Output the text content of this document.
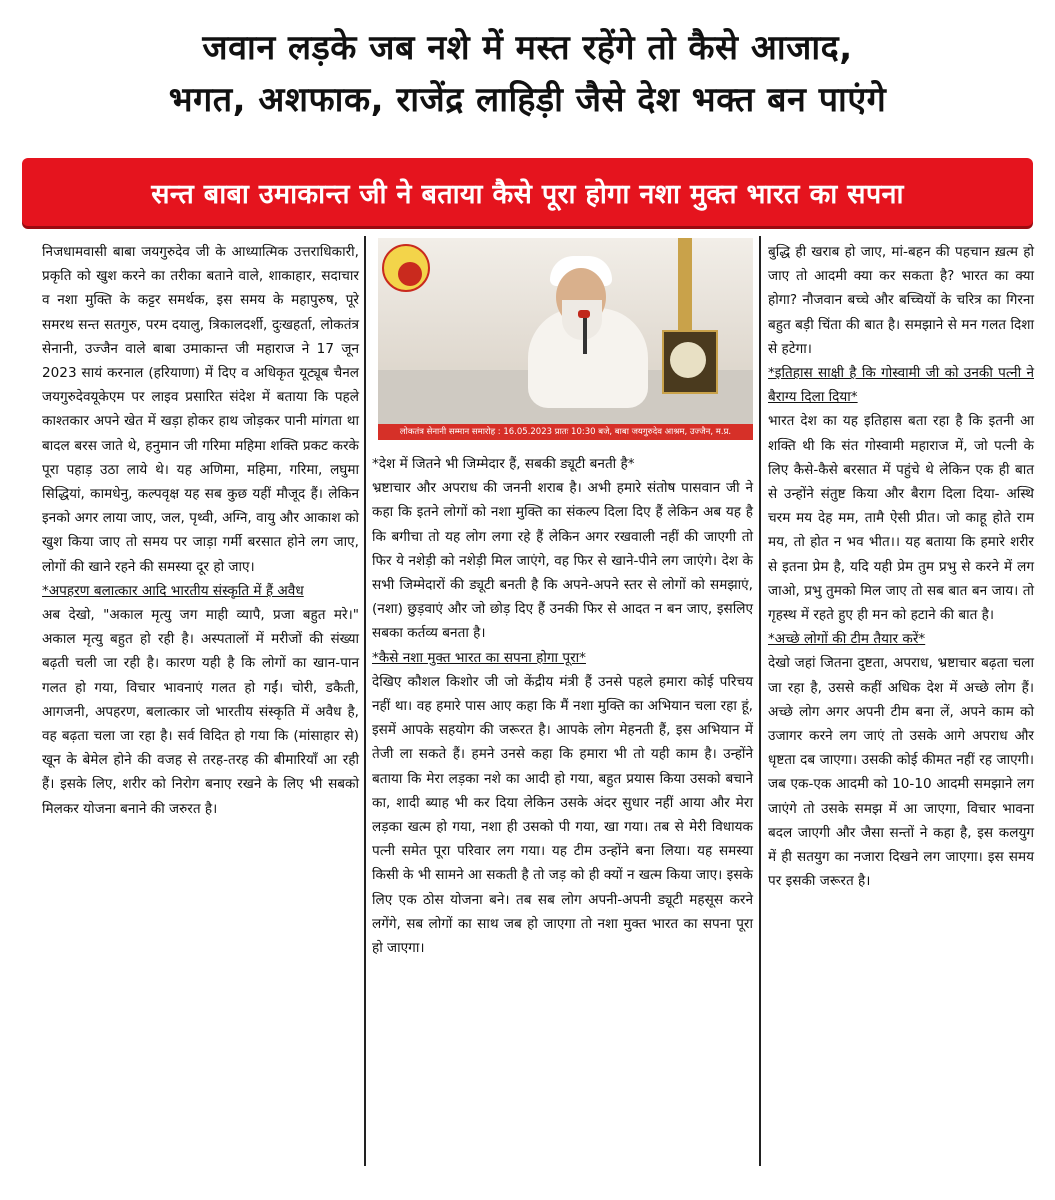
जवान लड़के जब नशे में मस्त रहेंगे तो कैसे आजाद,
भगत, अशफाक, राजेंद्र लाहिड़ी जैसे देश भक्त बन पाएंगे
सन्त बाबा उमाकान्त जी ने बताया कैसे पूरा होगा नशा मुक्त भारत का सपना

निजधामवासी बाबा जयगुरुदेव जी के आध्यात्मिक उत्तराधिकारी, प्रकृति को खुश करने का तरीका बताने वाले, शाकाहार, सदाचार व नशा मुक्ति के कट्टर समर्थक, इस समय के महापुरुष, पूरे समरथ सन्त सतगुरु, परम दयालु, त्रिकालदर्शी, दुःखहर्ता, लोकतंत्र सेनानी, उज्जैन वाले बाबा उमाकान्त जी महाराज ने 17 जून 2023 सायं करनाल (हरियाणा) में दिए व अधिकृत यूट्यूब चैनल जयगुरुदेवयूकेएम पर लाइव प्रसारित संदेश में बताया कि पहले काश्तकार अपने खेत में खड़ा होकर हाथ जोड़कर पानी मांगता था बादल बरस जाते थे, हनुमान जी गरिमा महिमा शक्ति प्रकट करके पूरा पहाड़ उठा लाये थे। यह अणिमा, महिमा, गरिमा, लघुमा सिद्धियां, कामधेनु, कल्पवृक्ष यह सब कुछ यहीं मौजूद हैं। लेकिन इनको अगर लाया जाए, जल, पृथ्वी, अग्नि, वायु और आकाश को खुश किया जाए तो समय पर जाड़ा गर्मी बरसात होने लग जाए, लोगों की खाने रहने की समस्या दूर हो जाए।

*अपहरण बलात्कार आदि भारतीय संस्कृति में हैं अवैध

अब देखो, "अकाल मृत्यु जग माही व्यापै, प्रजा बहुत मरे।" अकाल मृत्यु बहुत हो रही है। अस्पतालों में मरीजों की संख्या बढ़ती चली जा रही है। कारण यही है कि लोगों का खान-पान गलत हो गया, विचार भावनाएं गलत हो गईं। चोरी, डकैती, आगजनी, अपहरण, बलात्कार जो भारतीय संस्कृति में अवैध है, वह बढ़ता चला जा रहा है। सर्व विदित हो गया कि (मांसाहार से) खून के बेमेल होने की वजह से तरह-तरह की बीमारियाँ आ रही हैं। इसके लिए, शरीर को निरोग बनाए रखने के लिए भी सबको मिलकर योजना बनाने की जरुरत है।

लोकतंत्र सेनानी सम्मान समारोह : 16.05.2023 प्रातः 10:30 बजे, बाबा जयगुरुदेव आश्रम, उज्जैन, म.प्र.

*देश में जितने भी जिम्मेदार हैं, सबकी ड्यूटी बनती है*

भ्रष्टाचार और अपराध की जननी शराब है। अभी हमारे संतोष पासवान जी ने कहा कि इतने लोगों को नशा मुक्ति का संकल्प दिला दिए हैं लेकिन अब यह है कि बगीचा तो यह लोग लगा रहे हैं लेकिन अगर रखवाली नहीं की जाएगी तो फिर ये नशेड़ी को नशेड़ी मिल जाएंगे, वह फिर से खाने-पीने लग जाएंगे। देश के सभी जिम्मेदारों की ड्यूटी बनती है कि अपने-अपने स्तर से लोगों को समझाएं, (नशा) छुड़वाएं और जो छोड़ दिए हैं उनकी फिर से आदत न बन जाए, इसलिए सबका कर्तव्य बनता है।

*कैसे नशा मुक्त भारत का सपना होगा पूरा*

देखिए कौशल किशोर जी जो केंद्रीय मंत्री हैं उनसे पहले हमारा कोई परिचय नहीं था। वह हमारे पास आए कहा कि मैं नशा मुक्ति का अभियान चला रहा हूं, इसमें आपके सहयोग की जरूरत है। आपके लोग मेहनती हैं, इस अभियान में तेजी ला सकते हैं। हमने उनसे कहा कि हमारा भी तो यही काम है। उन्होंने बताया कि मेरा लड़का नशे का आदी हो गया, बहुत प्रयास किया उसको बचाने का, शादी ब्याह भी कर दिया लेकिन उसके अंदर सुधार नहीं आया और मेरा लड़का खत्म हो गया, नशा ही उसको पी गया, खा गया। तब से मेरी विधायक पत्नी समेत पूरा परिवार लग गया। यह टीम उन्होंने बना लिया। यह समस्या किसी के भी सामने आ सकती है तो जड़ को ही क्यों न खत्म किया जाए। इसके लिए एक ठोस योजना बने। तब सब लोग अपनी-अपनी ड्यूटी महसूस करने लगेंगे, सब लोगों का साथ जब हो जाएगा तो नशा मुक्त भारत का सपना पूरा हो जाएगा।

बुद्धि ही खराब हो जाए, मां-बहन की पहचान ख़त्म हो जाए तो आदमी क्या कर सकता है? भारत का क्या होगा? नौजवान बच्चे और बच्चियों के चरित्र का गिरना बहुत बड़ी चिंता की बात है। समझाने से मन गलत दिशा से हटेगा।

*इतिहास साक्षी है कि गोस्वामी जी को उनकी पत्नी ने बैराग्य दिला दिया*

भारत देश का यह इतिहास बता रहा है कि इतनी आ शक्ति थी कि संत गोस्वामी महाराज में, जो पत्नी के लिए कैसे-कैसे बरसात में पहुंचे थे लेकिन एक ही बात से उन्होंने संतुष्ट किया और बैराग दिला दिया- अस्थि चरम मय देह मम, तामै ऐसी प्रीत। जो काहू होते राम मय, तो होत न भव भीत।। यह बताया कि हमारे शरीर से इतना प्रेम है, यदि यही प्रेम तुम प्रभु से करने में लग जाओ, प्रभु तुमको मिल जाए तो सब बात बन जाय। तो गृहस्थ में रहते हुए ही मन को हटाने की बात है।

*अच्छे लोगों की टीम तैयार करें*

देखो जहां जितना दुष्टता, अपराध, भ्रष्टाचार बढ़ता चला जा रहा है, उससे कहीं अधिक देश में अच्छे लोग हैं। अच्छे लोग अगर अपनी टीम बना लें, अपने काम को उजागर करने लग जाएं तो उसके आगे अपराध और धृष्टता दब जाएगा। उसकी कोई कीमत नहीं रह जाएगी। जब एक-एक आदमी को 10-10 आदमी समझाने लग जाएंगे तो उसके समझ में आ जाएगा, विचार भावना बदल जाएगी और जैसा सन्तों ने कहा है, इस कलयुग में ही सतयुग का नजारा दिखने लग जाएगा। इस समय पर इसकी जरूरत है।
